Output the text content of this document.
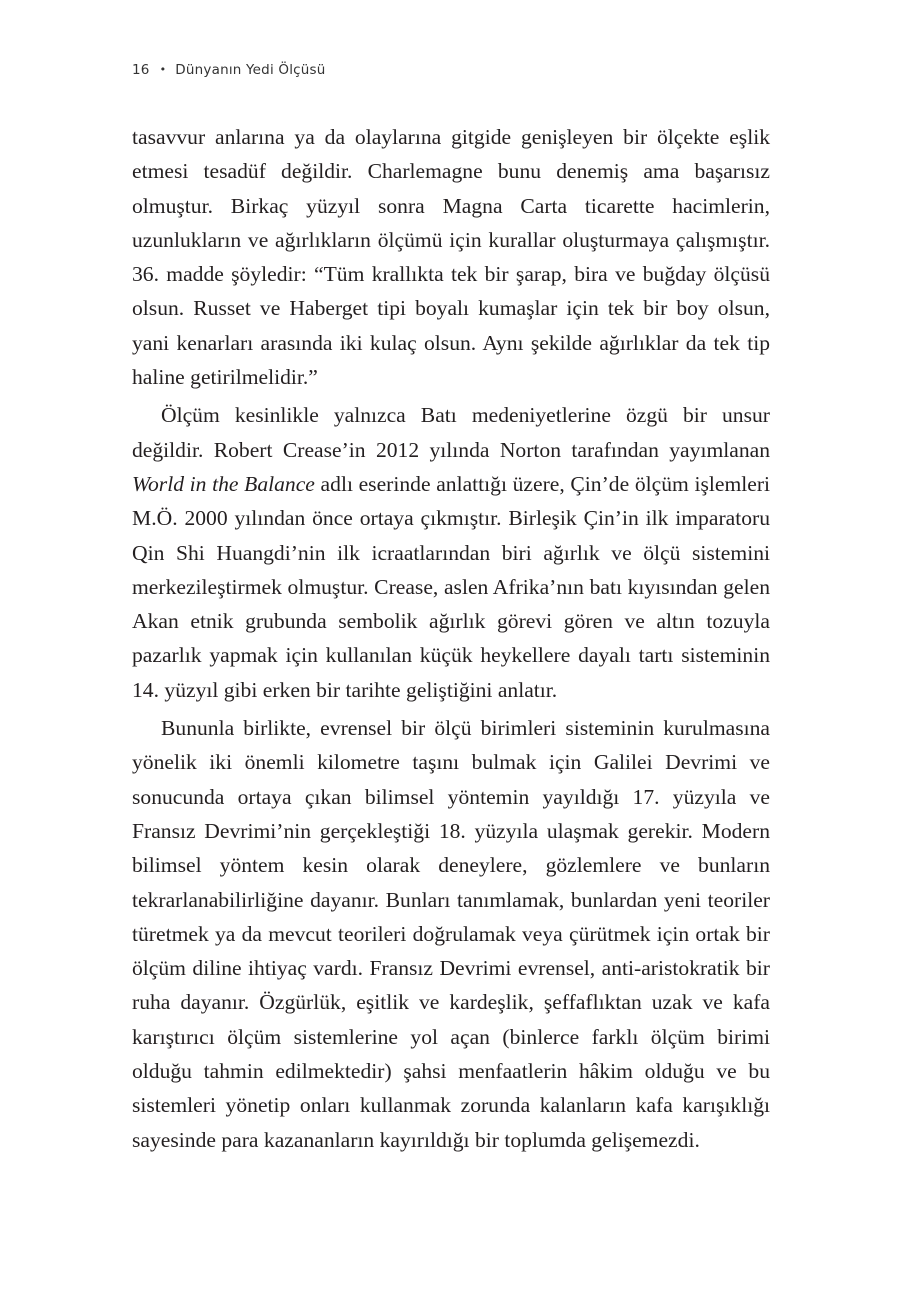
16 • Dünyanın Yedi Ölçüsü

tasavvur anlarına ya da olaylarına gitgide genişleyen bir ölçekte eşlik etmesi tesadüf değildir. Charlemagne bunu denemiş ama başarısız olmuştur. Birkaç yüzyıl sonra Magna Carta ticarette hacimlerin, uzunlukların ve ağırlıkların ölçümü için kurallar oluşturmaya çalışmıştır. 36. madde şöyledir: “Tüm krallıkta tek bir şarap, bira ve buğday ölçüsü olsun. Russet ve Haberget tipi boyalı kumaşlar için tek bir boy olsun, yani kenarları arasında iki kulaç olsun. Aynı şekilde ağırlıklar da tek tip haline getirilmelidir.”

Ölçüm kesinlikle yalnızca Batı medeniyetlerine özgü bir unsur değildir. Robert Crease’in 2012 yılında Norton tarafından yayımlanan World in the Balance adlı eserinde anlattığı üzere, Çin’de ölçüm işlemleri M.Ö. 2000 yılından önce ortaya çıkmıştır. Birleşik Çin’in ilk imparatoru Qin Shi Huangdi’nin ilk icraatlarından biri ağırlık ve ölçü sistemini merkezileştirmek olmuştur. Crease, aslen Afrika’nın batı kıyısından gelen Akan etnik grubunda sembolik ağırlık görevi gören ve altın tozuyla pazarlık yapmak için kullanılan küçük heykellere dayalı tartı sisteminin 14. yüzyıl gibi erken bir tarihte geliştiğini anlatır.

Bununla birlikte, evrensel bir ölçü birimleri sisteminin kurulmasına yönelik iki önemli kilometre taşını bulmak için Galilei Devrimi ve sonucunda ortaya çıkan bilimsel yöntemin yayıldığı 17. yüzyıla ve Fransız Devrimi’nin gerçekleştiği 18. yüzyıla ulaşmak gerekir. Modern bilimsel yöntem kesin olarak deneylere, gözlemlere ve bunların tekrarlanabilirliğine dayanır. Bunları tanımlamak, bunlardan yeni teoriler türetmek ya da mevcut teorileri doğrulamak veya çürütmek için ortak bir ölçüm diline ihtiyaç vardı. Fransız Devrimi evrensel, anti-aristokratik bir ruha dayanır. Özgürlük, eşitlik ve kardeşlik, şeffaflıktan uzak ve kafa karıştırıcı ölçüm sistemlerine yol açan (binlerce farklı ölçüm birimi olduğu tahmin edilmektedir) şahsi menfaatlerin hâkim olduğu ve bu sistemleri yönetip onları kullanmak zorunda kalanların kafa karışıklığı sayesinde para kazananların kayırıldığı bir toplumda gelişemezdi.
